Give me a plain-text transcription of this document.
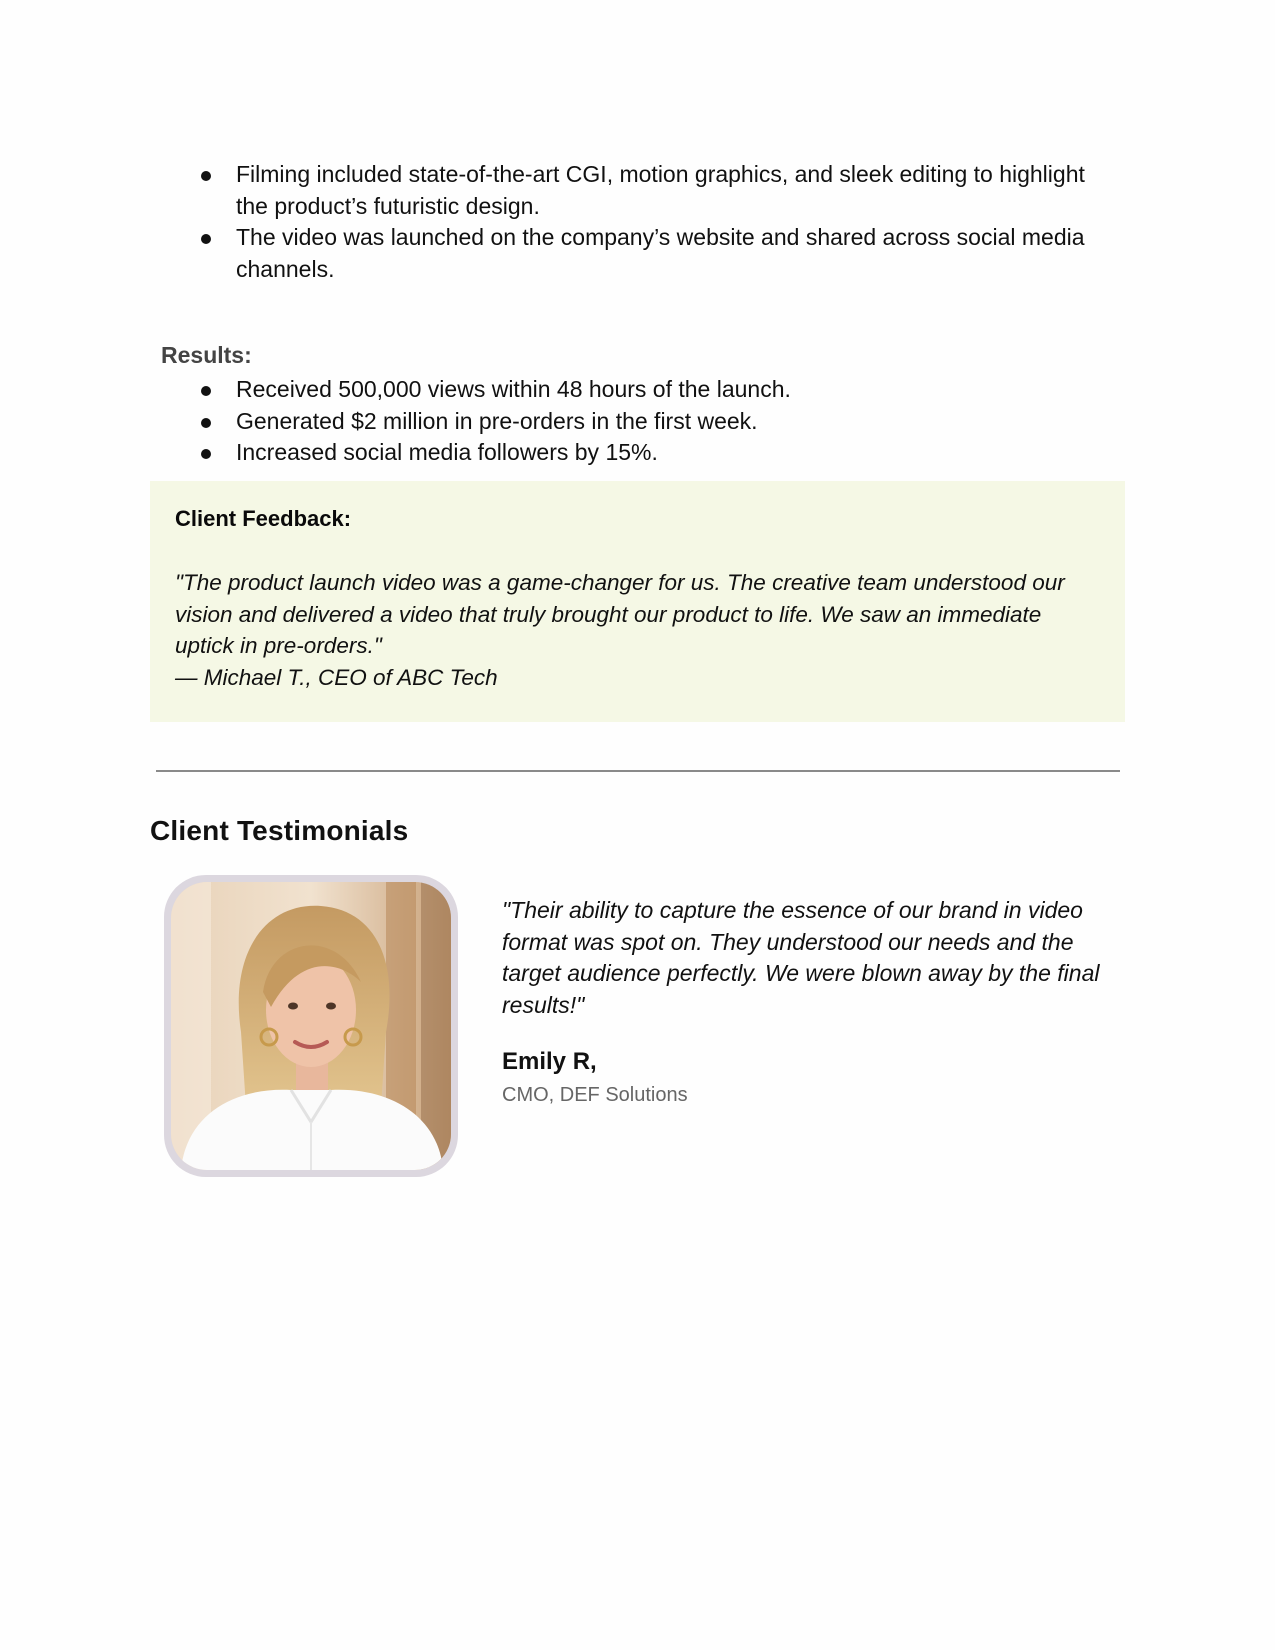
Filming included state-of-the-art CGI, motion graphics, and sleek editing to highlight the product’s futuristic design.
The video was launched on the company’s website and shared across social media channels.
Results:
Received 500,000 views within 48 hours of the launch.
Generated $2 million in pre-orders in the first week.
Increased social media followers by 15%.
Client Feedback:
"The product launch video was a game-changer for us. The creative team understood our vision and delivered a video that truly brought our product to life. We saw an immediate uptick in pre-orders."
— Michael T., CEO of ABC Tech
Client Testimonials
"Their ability to capture the essence of our brand in video format was spot on. They understood our needs and the target audience perfectly. We were blown away by the final results!"
Emily R,
CMO, DEF Solutions
